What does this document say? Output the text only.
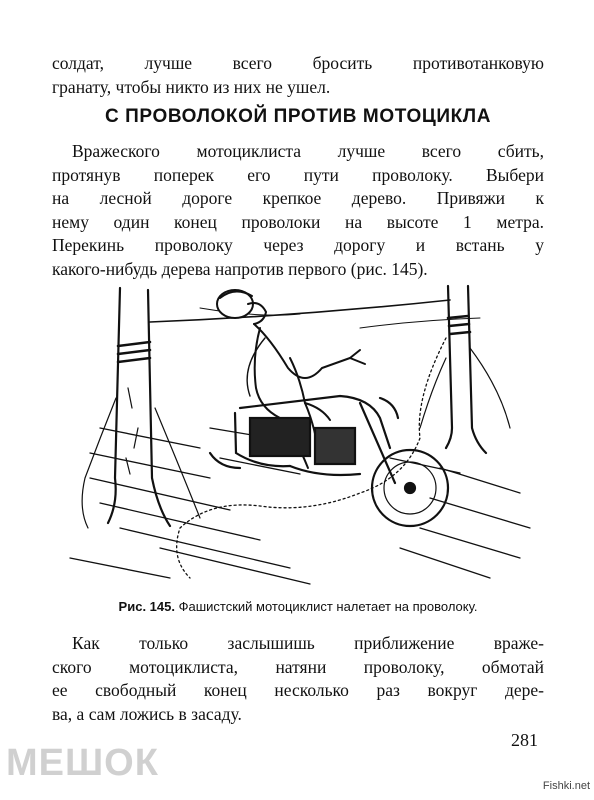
солдат, лучше всего бросить противотанковую
гранату, чтобы никто из них не ушел.

С ПРОВОЛОКОЙ ПРОТИВ МОТОЦИКЛА

Вражеского мотоциклиста лучше всего сбить,
протянув поперек его пути проволоку. Выбери
на лесной дороге крепкое дерево. Привяжи к
нему один конец проволоки на высоте 1 метра.
Перекинь проволоку через дорогу и встань у
какого-нибудь дерева напротив первого (рис. 145).

Рис. 145. Фашистский мотоциклист налетает на проволоку.

Как только заслышишь приближение враже-
ского мотоциклиста, натяни проволоку, обмотай
ее свободный конец несколько раз вокруг дере-
ва, а сам ложись в засаду.

281

МЕШОК
Fishki.net
